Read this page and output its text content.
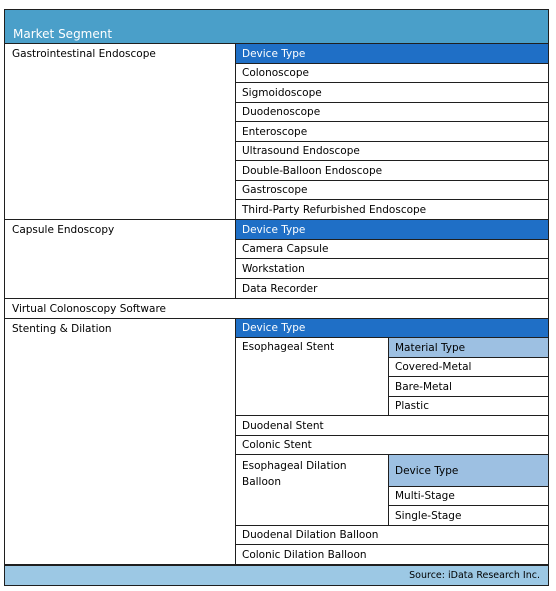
Market Segment
Gastrointestinal Endoscope
Capsule Endoscopy
Virtual Colonoscopy Software
Stenting & Dilation
Device Type
Colonoscope
Sigmoidoscope
Duodenoscope
Enteroscope
Ultrasound Endoscope
Double-Balloon Endoscope
Gastroscope
Third-Party Refurbished Endoscope
Device Type
Camera Capsule
Workstation
Data Recorder
Device Type
Esophageal Stent	Material Type
Covered-Metal
Bare-Metal
Plastic
Duodenal Stent
Colonic Stent
Esophageal Dilation Balloon
Device Type
Multi-Stage
Single-Stage
Duodenal Dilation Balloon
Colonic Dilation Balloon
Source: iData Research Inc.
